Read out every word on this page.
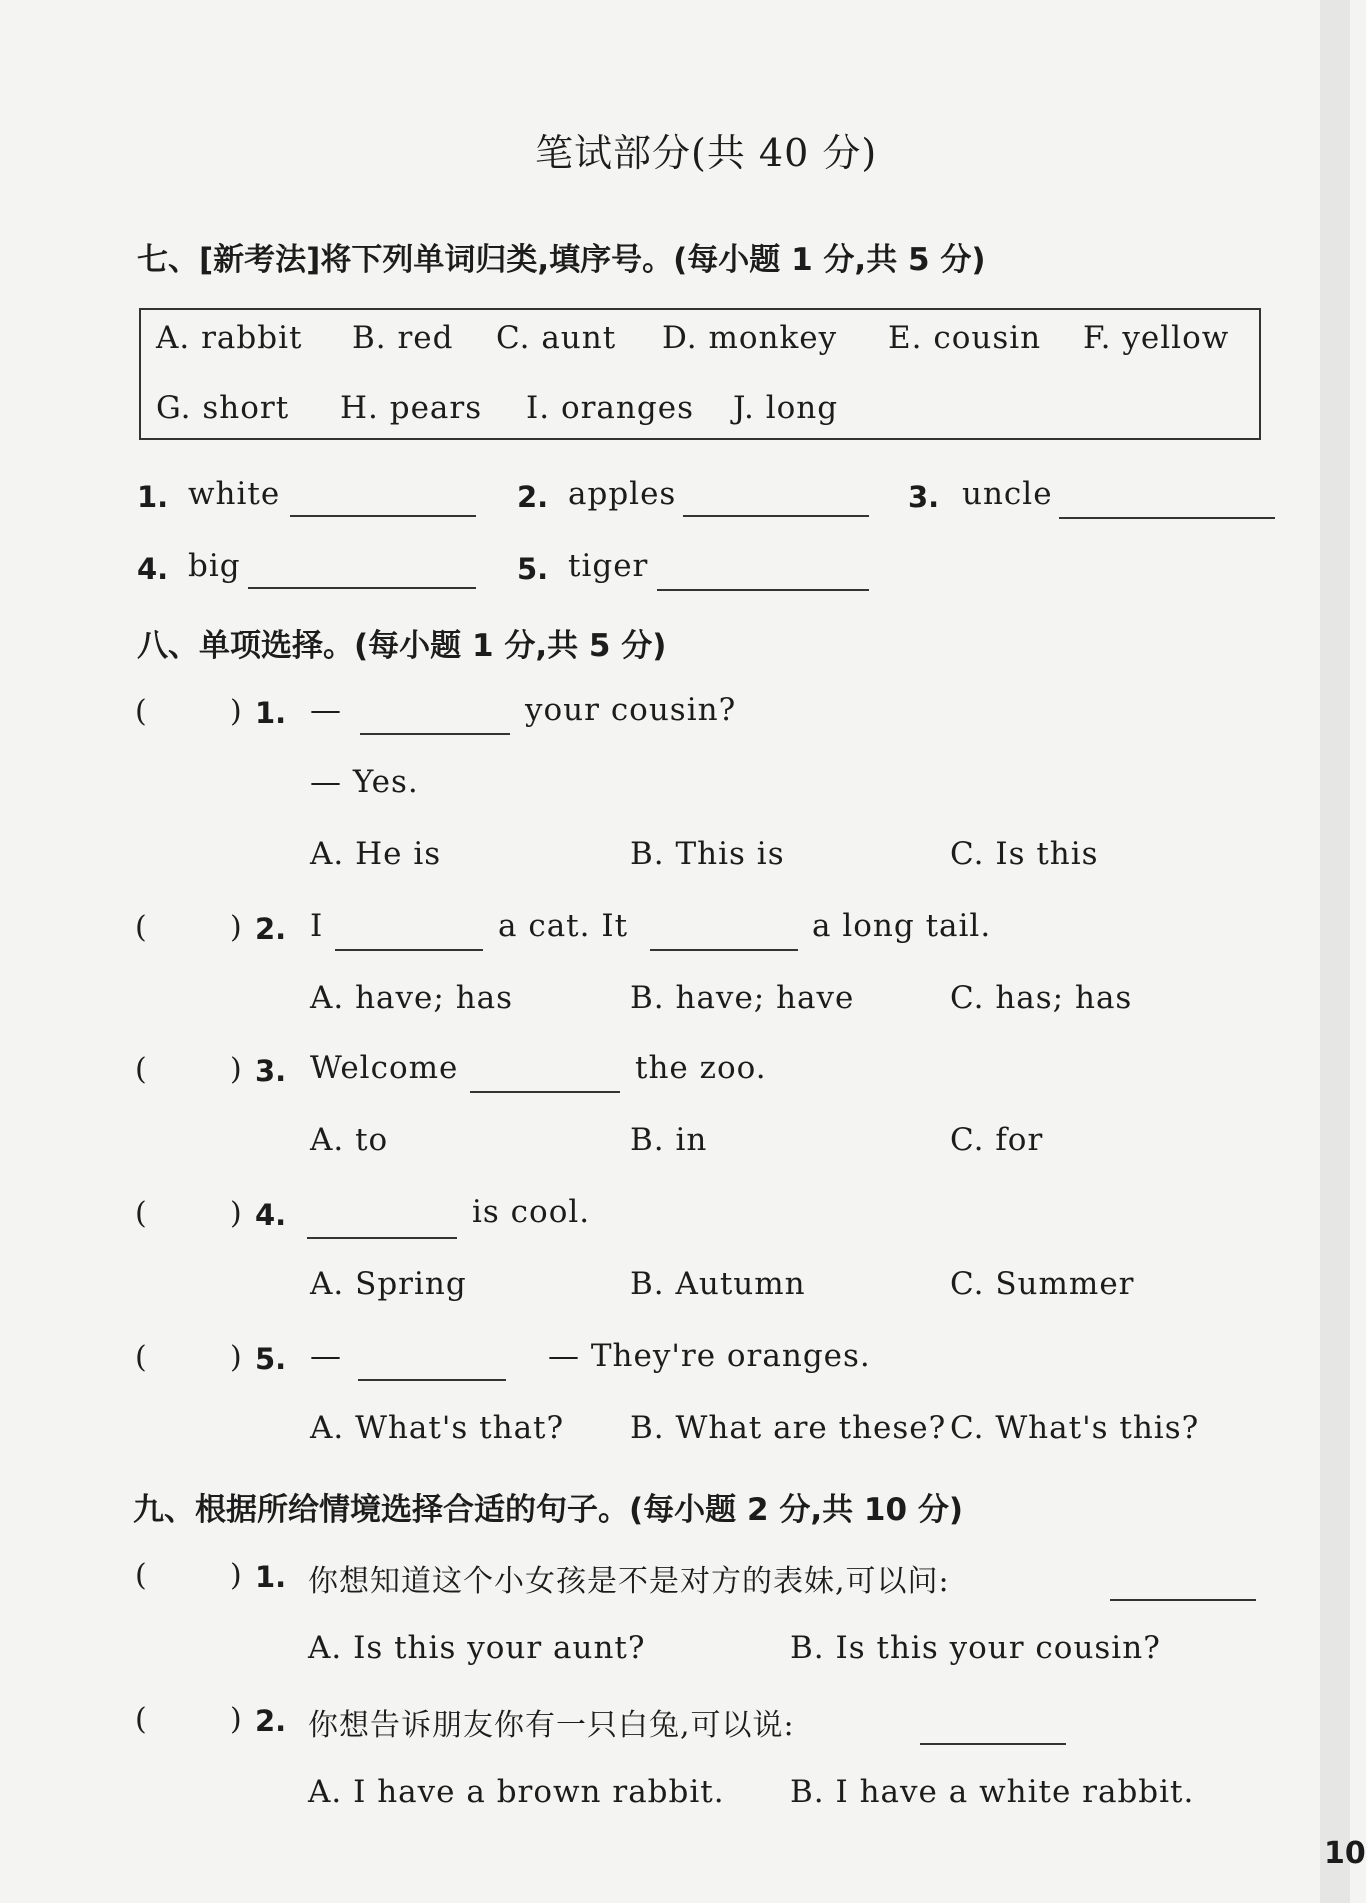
笔试部分(共 40 分)
七、[新考法]将下列单词归类,填序号。(每小题 1 分,共 5 分)
A. rabbit B. red C. aunt D. monkey E. cousin F. yellow
G. short H. pears I. oranges J. long
1. white	2. apples	3. uncle
4. big	5. tiger
八、单项选择。(每小题 1 分,共 5 分)
(	) 1. —	your cousin?
— Yes.
A. He is	B. This is	C. Is this
(	) 2. I	a cat. It	a long tail.
A. have; has	B. have; have	C. has; has
(	) 3. Welcome	the zoo.
A. to	B. in	C. for
(	) 4.	is cool.
A. Spring	B. Autumn	C. Summer
(	) 5. —	— They're oranges.
A. What's that? B. What are these? C. What's this?
九、根据所给情境选择合适的句子。(每小题 2 分,共 10 分)
(	) 1. 你想知道这个小女孩是不是对方的表妹,可以问:
A. Is this your aunt?	B. Is this your cousin?
(	) 2. 你想告诉朋友你有一只白兔,可以说:
A. I have a brown rabbit. B. I have a white rabbit.
10
